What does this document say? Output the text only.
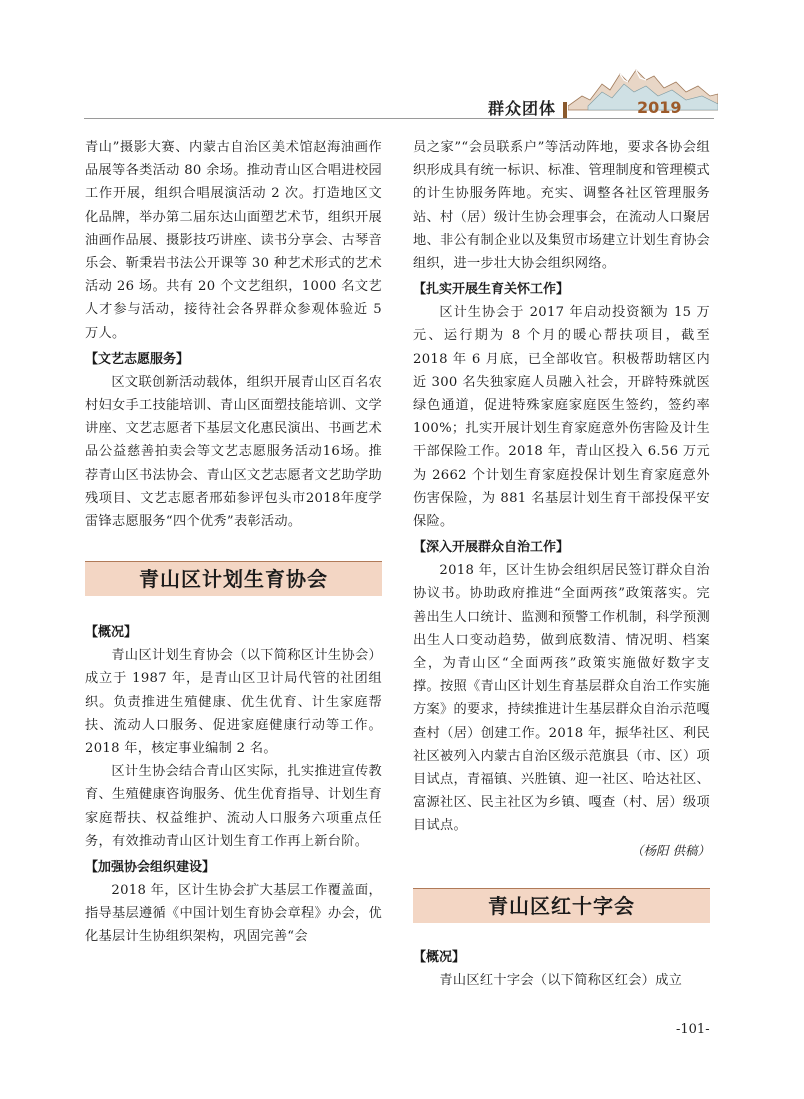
群众团体	2019

青山”摄影大赛、内蒙古自治区美术馆赵海油画作品展等各类活动 80 余场。推动青山区合唱进校园工作开展，组织合唱展演活动 2 次。打造地区文化品牌，举办第二届东达山面塑艺术节，组织开展油画作品展、摄影技巧讲座、读书分享会、古琴音乐会、靳秉岩书法公开课等 30 种艺术形式的艺术活动 26 场。共有 20 个文艺组织，1000 名文艺人才参与活动，接待社会各界群众参观体验近 5 万人。

【文艺志愿服务】

区文联创新活动载体，组织开展青山区百名农村妇女手工技能培训、青山区面塑技能培训、文学讲座、文艺志愿者下基层文化惠民演出、书画艺术品公益慈善拍卖会等文艺志愿服务活动16场。推荐青山区书法协会、青山区文艺志愿者文艺助学助残项目、文艺志愿者邢茹参评包头市2018年度学雷锋志愿服务“四个优秀”表彰活动。

青山区计划生育协会
【概况】

青山区计划生育协会（以下简称区计生协会）成立于 1987 年，是青山区卫计局代管的社团组织。负责推进生殖健康、优生优育、计生家庭帮扶、流动人口服务、促进家庭健康行动等工作。2018 年，核定事业编制 2 名。

区计生协会结合青山区实际，扎实推进宣传教育、生殖健康咨询服务、优生优育指导、计划生育家庭帮扶、权益维护、流动人口服务六项重点任务，有效推动青山区计划生育工作再上新台阶。

【加强协会组织建设】

2018 年，区计生协会扩大基层工作覆盖面，指导基层遵循《中国计划生育协会章程》办会，优化基层计生协组织架构，巩固完善“会

员之家”“会员联系户”等活动阵地，要求各协会组织形成具有统一标识、标准、管理制度和管理模式的计生协服务阵地。充实、调整各社区管理服务站、村（居）级计生协会理事会，在流动人口聚居地、非公有制企业以及集贸市场建立计划生育协会组织，进一步壮大协会组织网络。

【扎实开展生育关怀工作】

区计生协会于 2017 年启动投资额为 15 万元、运行期为 8 个月的暖心帮扶项目，截至 2018 年 6 月底，已全部收官。积极帮助辖区内近 300 名失独家庭人员融入社会，开辟特殊就医绿色通道，促进特殊家庭家庭医生签约，签约率 100%；扎实开展计划生育家庭意外伤害险及计生干部保险工作。2018 年，青山区投入 6.56 万元为 2662 个计划生育家庭投保计划生育家庭意外伤害保险，为 881 名基层计划生育干部投保平安保险。

【深入开展群众自治工作】

2018 年，区计生协会组织居民签订群众自治协议书。协助政府推进“全面两孩”政策落实。完善出生人口统计、监测和预警工作机制，科学预测出生人口变动趋势，做到底数清、情况明、档案全，为青山区“全面两孩”政策实施做好数字支撑。按照《青山区计划生育基层群众自治工作实施方案》的要求，持续推进计生基层群众自治示范嘎查村（居）创建工作。2018 年，振华社区、利民社区被列入内蒙古自治区级示范旗县（市、区）项目试点，青福镇、兴胜镇、迎一社区、哈达社区、富源社区、民主社区为乡镇、嘎查（村、居）级项目试点。

（杨阳 供稿）
青山区红十字会
【概况】

青山区红十字会（以下简称区红会）成立

-101-
